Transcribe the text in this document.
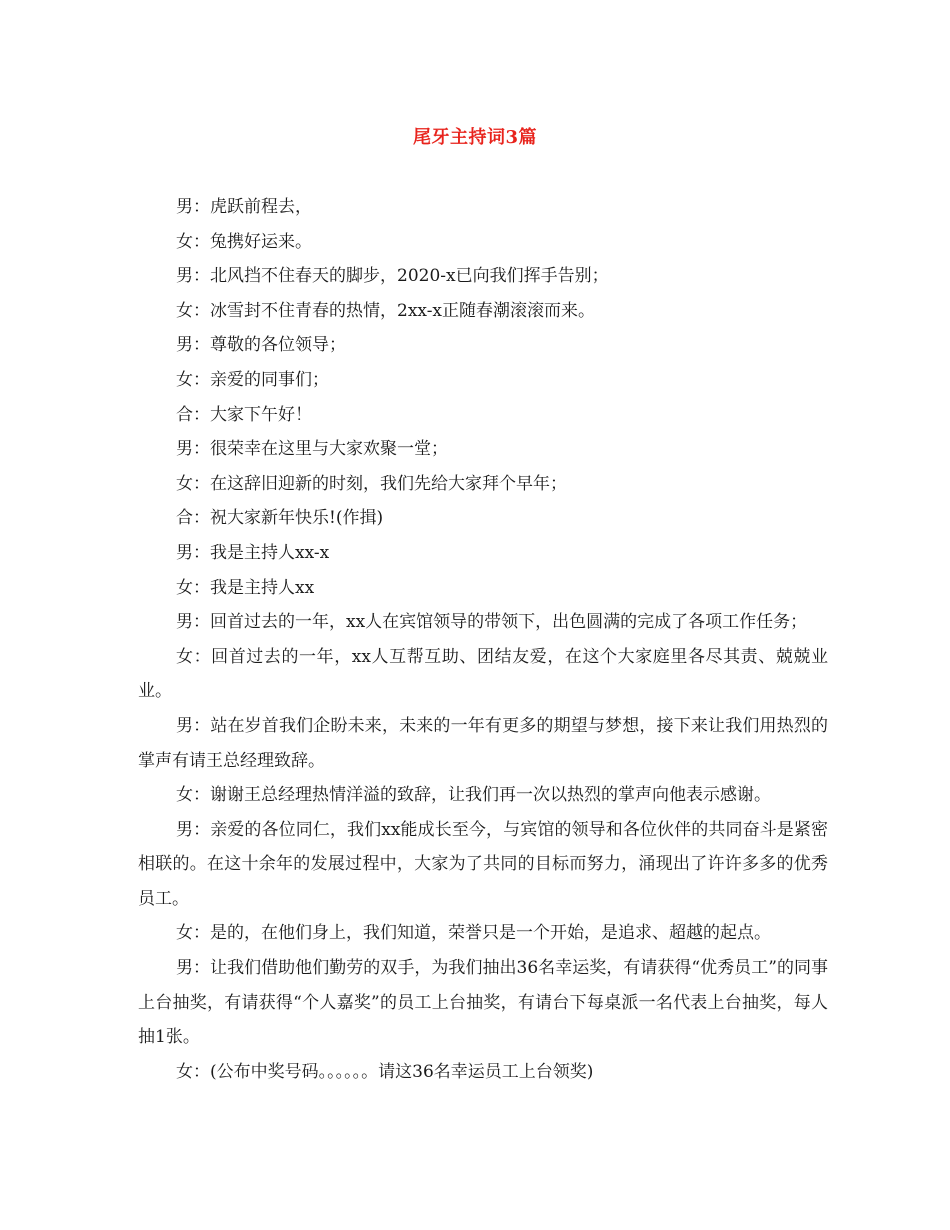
尾牙主持词3篇

男：虎跃前程去，

女：兔携好运来。

男：北风挡不住春天的脚步，2020-x已向我们挥手告别；

女：冰雪封不住青春的热情，2xx-x正随春潮滚滚而来。

男：尊敬的各位领导；

女：亲爱的同事们；

合：大家下午好！

男：很荣幸在这里与大家欢聚一堂；

女：在这辞旧迎新的时刻，我们先给大家拜个早年；

合：祝大家新年快乐!(作揖)

男：我是主持人xx-x

女：我是主持人xx

男：回首过去的一年，xx人在宾馆领导的带领下，出色圆满的完成了各项工作任务；

女：回首过去的一年，xx人互帮互助、团结友爱，在这个大家庭里各尽其责、兢兢业业。

男：站在岁首我们企盼未来，未来的一年有更多的期望与梦想，接下来让我们用热烈的掌声有请王总经理致辞。

女：谢谢王总经理热情洋溢的致辞，让我们再一次以热烈的掌声向他表示感谢。

男：亲爱的各位同仁，我们xx能成长至今，与宾馆的领导和各位伙伴的共同奋斗是紧密相联的。在这十余年的发展过程中，大家为了共同的目标而努力，涌现出了许许多多的优秀员工。

女：是的，在他们身上，我们知道，荣誉只是一个开始，是追求、超越的起点。

男：让我们借助他们勤劳的双手，为我们抽出36名幸运奖，有请获得“优秀员工”的同事上台抽奖，有请获得“个人嘉奖”的员工上台抽奖，有请台下每桌派一名代表上台抽奖，每人抽1张。

女：(公布中奖号码。。。。。。请这36名幸运员工上台领奖)
